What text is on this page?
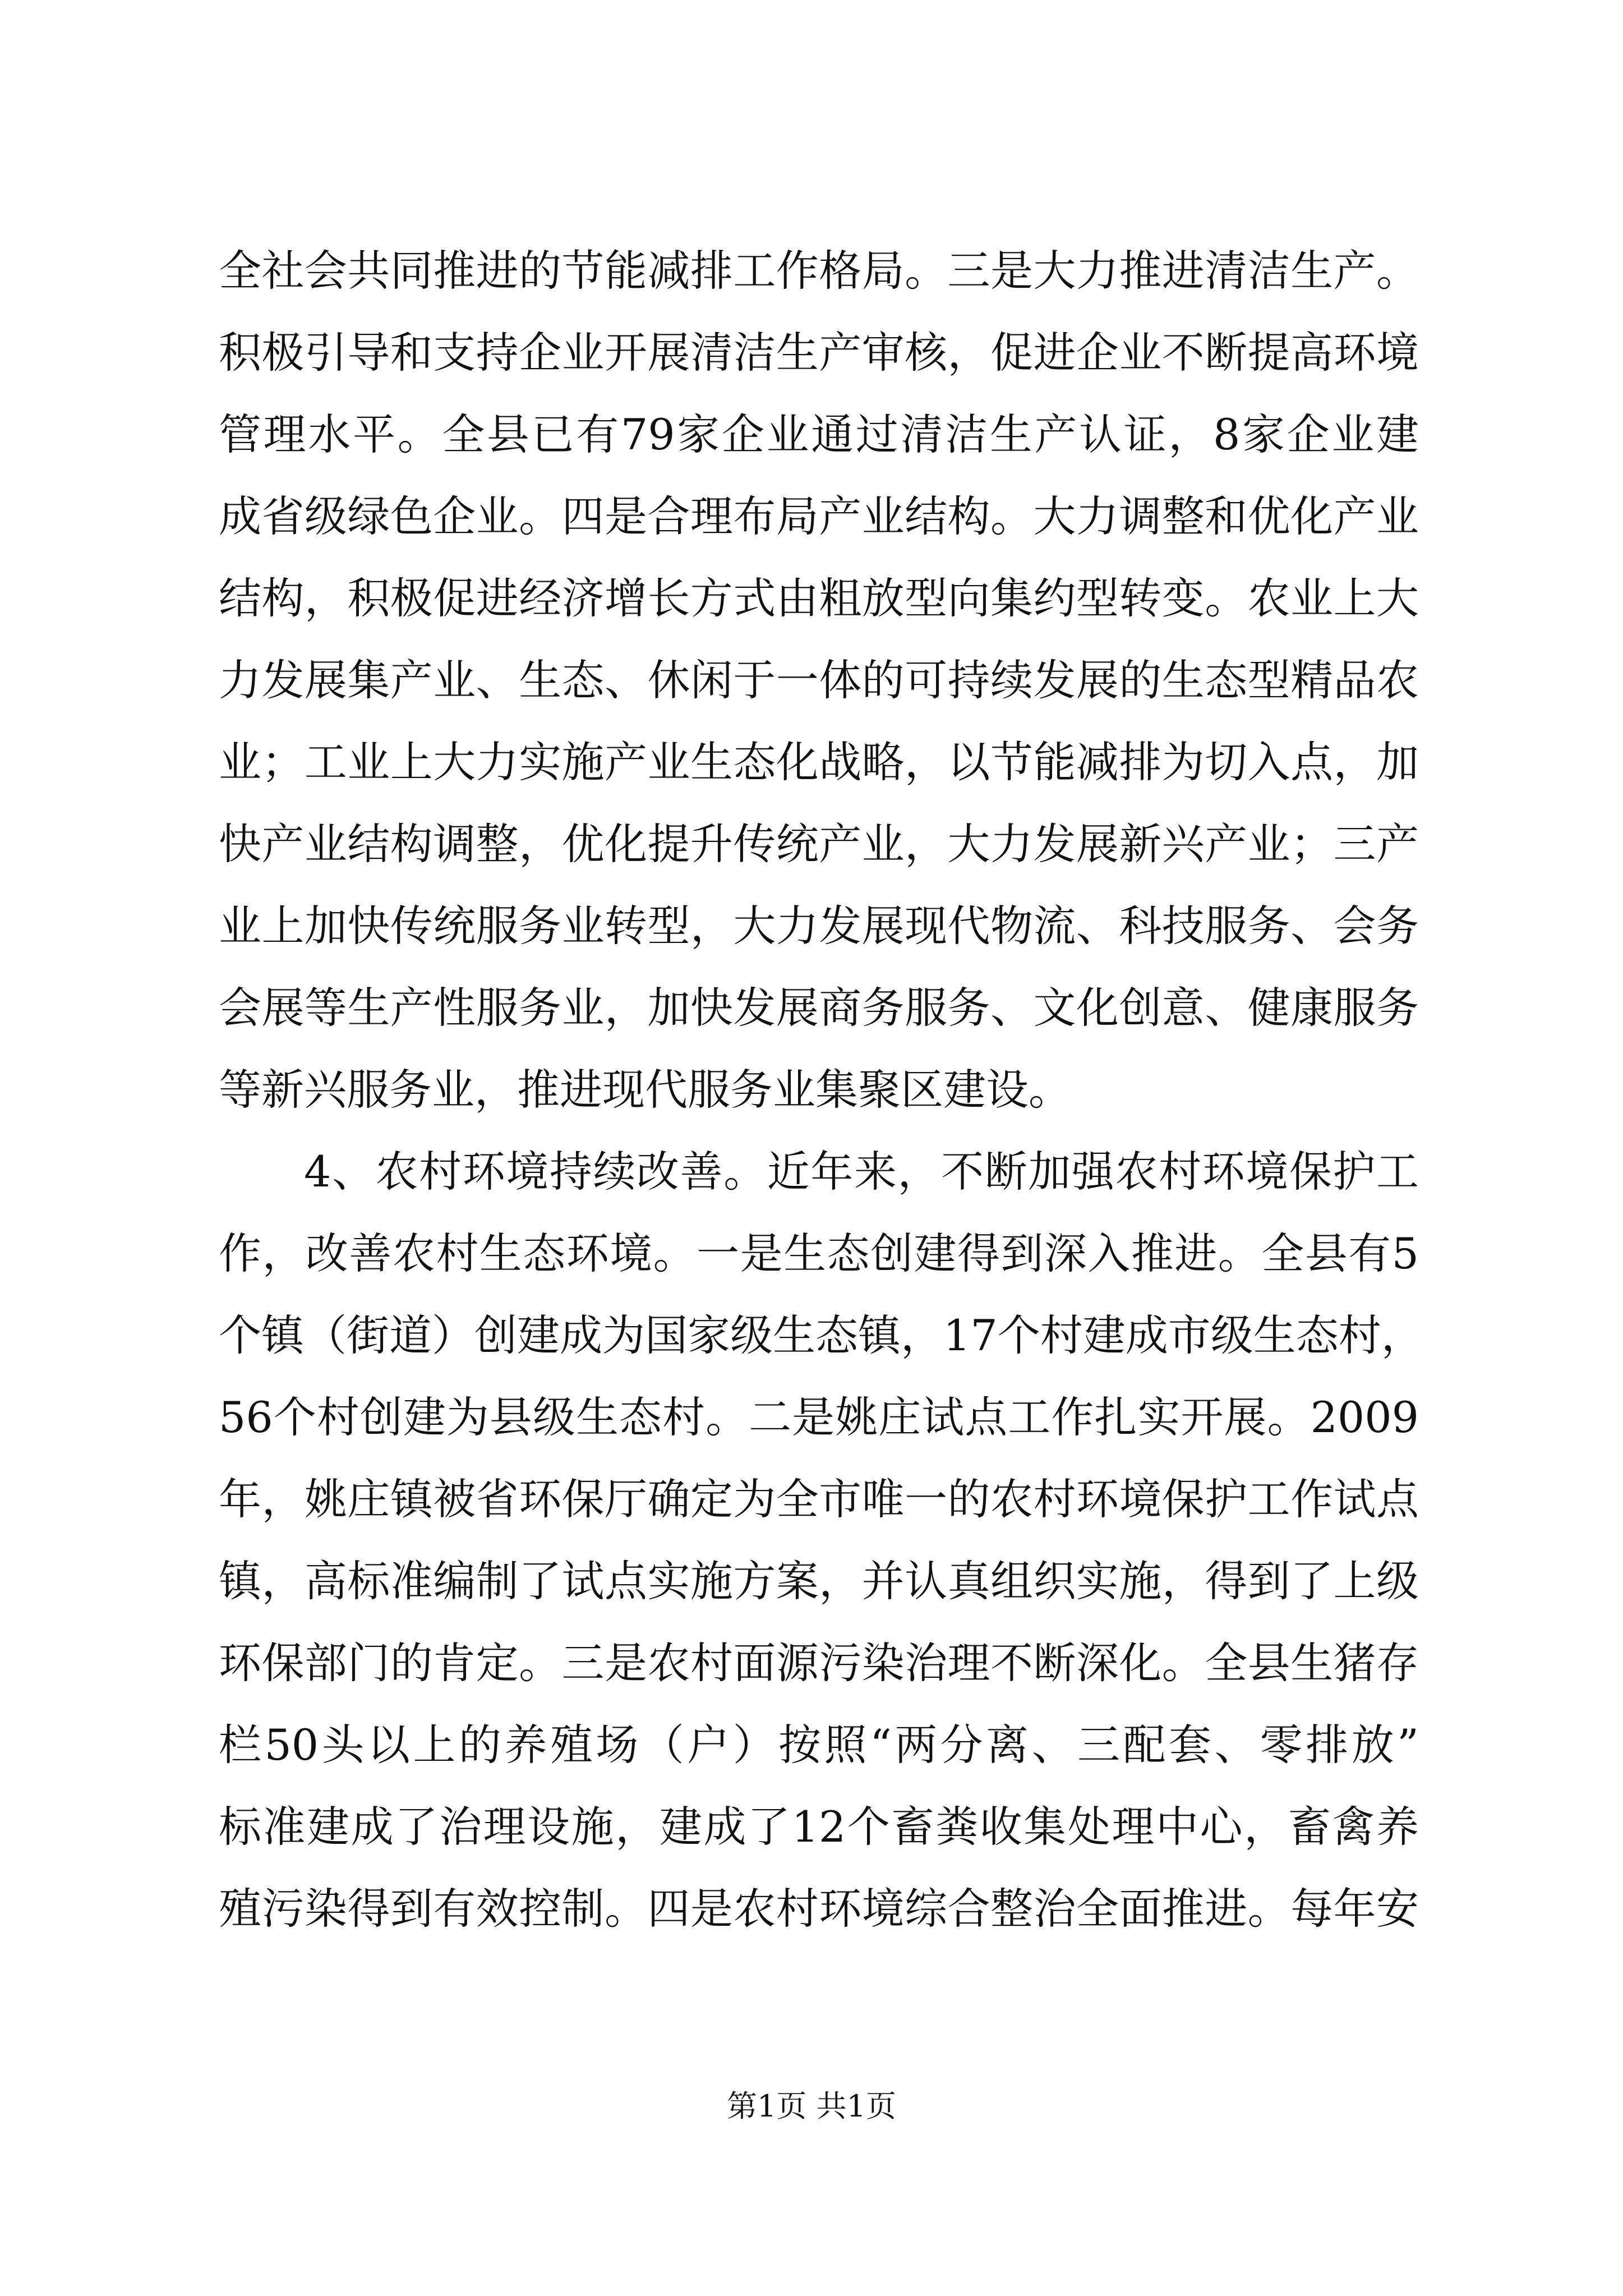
全社会共同推进的节能减排工作格局。三是大力推进清洁生产。
积极引导和支持企业开展清洁生产审核，促进企业不断提高环境
管理水平。全县已有79家企业通过清洁生产认证，8家企业建
成省级绿色企业。四是合理布局产业结构。大力调整和优化产业
结构，积极促进经济增长方式由粗放型向集约型转变。农业上大
力发展集产业、生态、休闲于一体的可持续发展的生态型精品农
业；工业上大力实施产业生态化战略，以节能减排为切入点，加
快产业结构调整，优化提升传统产业，大力发展新兴产业；三产
业上加快传统服务业转型，大力发展现代物流、科技服务、会务
会展等生产性服务业，加快发展商务服务、文化创意、健康服务
等新兴服务业，推进现代服务业集聚区建设。
4、农村环境持续改善。近年来，不断加强农村环境保护工
作，改善农村生态环境。一是生态创建得到深入推进。全县有5
个镇（街道）创建成为国家级生态镇，17个村建成市级生态村，
56个村创建为县级生态村。二是姚庄试点工作扎实开展。2009
年，姚庄镇被省环保厅确定为全市唯一的农村环境保护工作试点
镇，高标准编制了试点实施方案，并认真组织实施，得到了上级
环保部门的肯定。三是农村面源污染治理不断深化。全县生猪存
栏50头以上的养殖场（户）按照“两分离、三配套、零排放”
标准建成了治理设施，建成了12个畜粪收集处理中心，畜禽养
殖污染得到有效控制。四是农村环境综合整治全面推进。每年安
第1页 共1页
